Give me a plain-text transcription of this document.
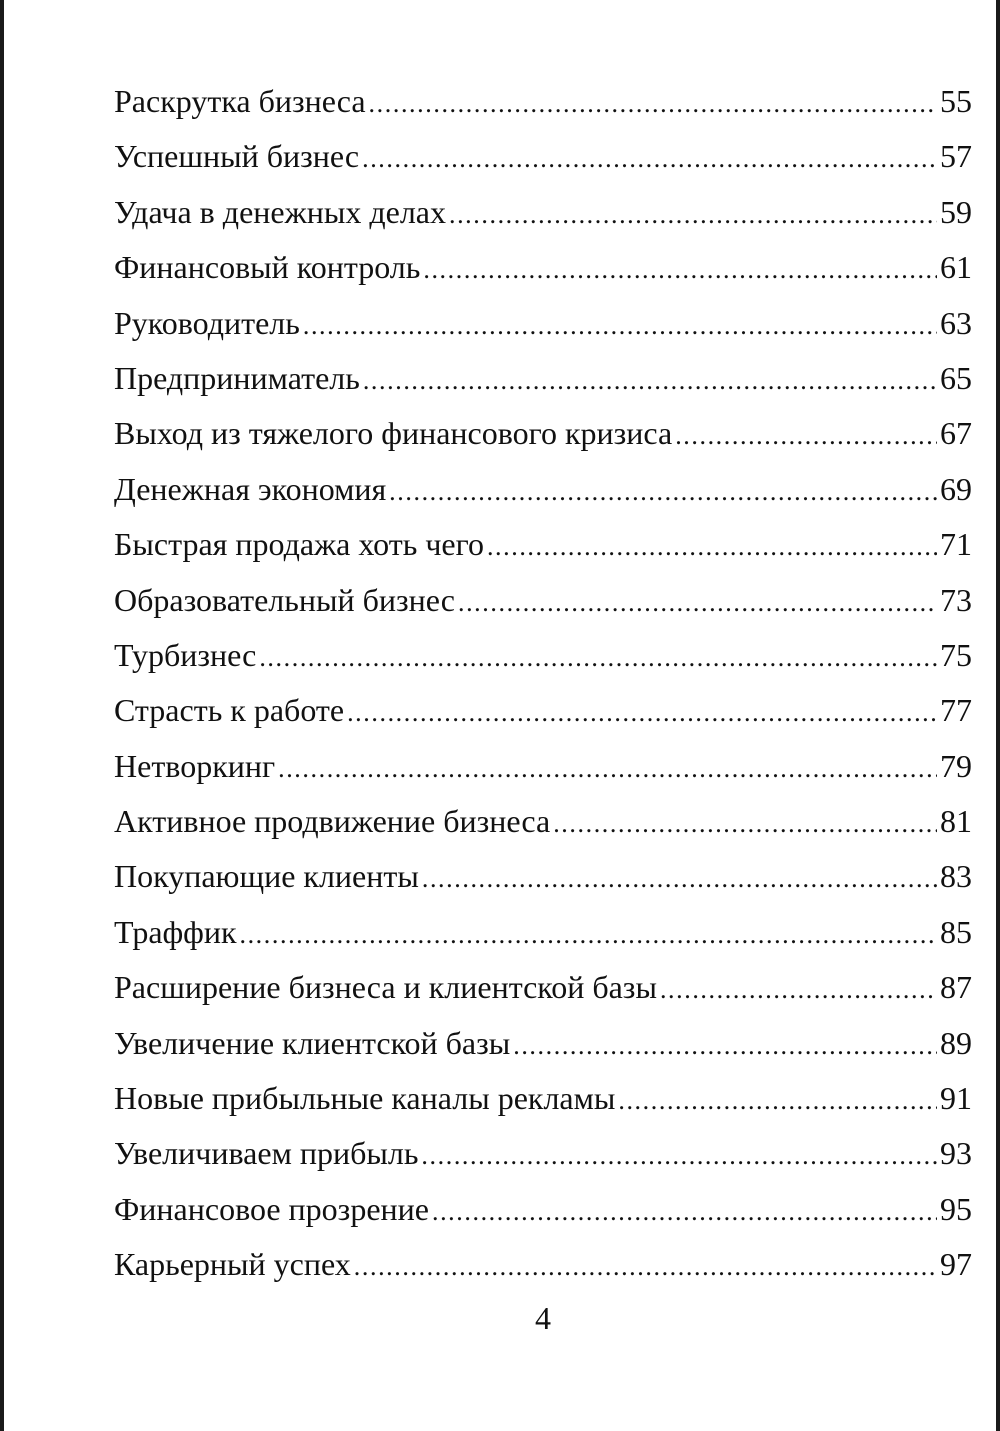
Раскрутка бизнеса .....	55
Успешный бизнес .....	57
Удача в денежных делах .....	59
Финансовый контроль .....	61
Руководитель .....	63
Предприниматель .....	65
Выход из тяжелого финансового кризиса .....	67
Денежная экономия .....	69
Быстрая продажа хоть чего .....	71
Образовательный бизнес .....	73
Турбизнес .....	75
Страсть к работе .....	77
Нетворкинг .....	79
Активное продвижение бизнеса .....	81
Покупающие клиенты .....	83
Траффик .....	85
Расширение бизнеса и клиентской базы .....	87
Увеличение клиентской базы .....	89
Новые прибыльные каналы рекламы .....	91
Увеличиваем прибыль .....	93
Финансовое прозрение .....	95
Карьерный успех .....	97
4
